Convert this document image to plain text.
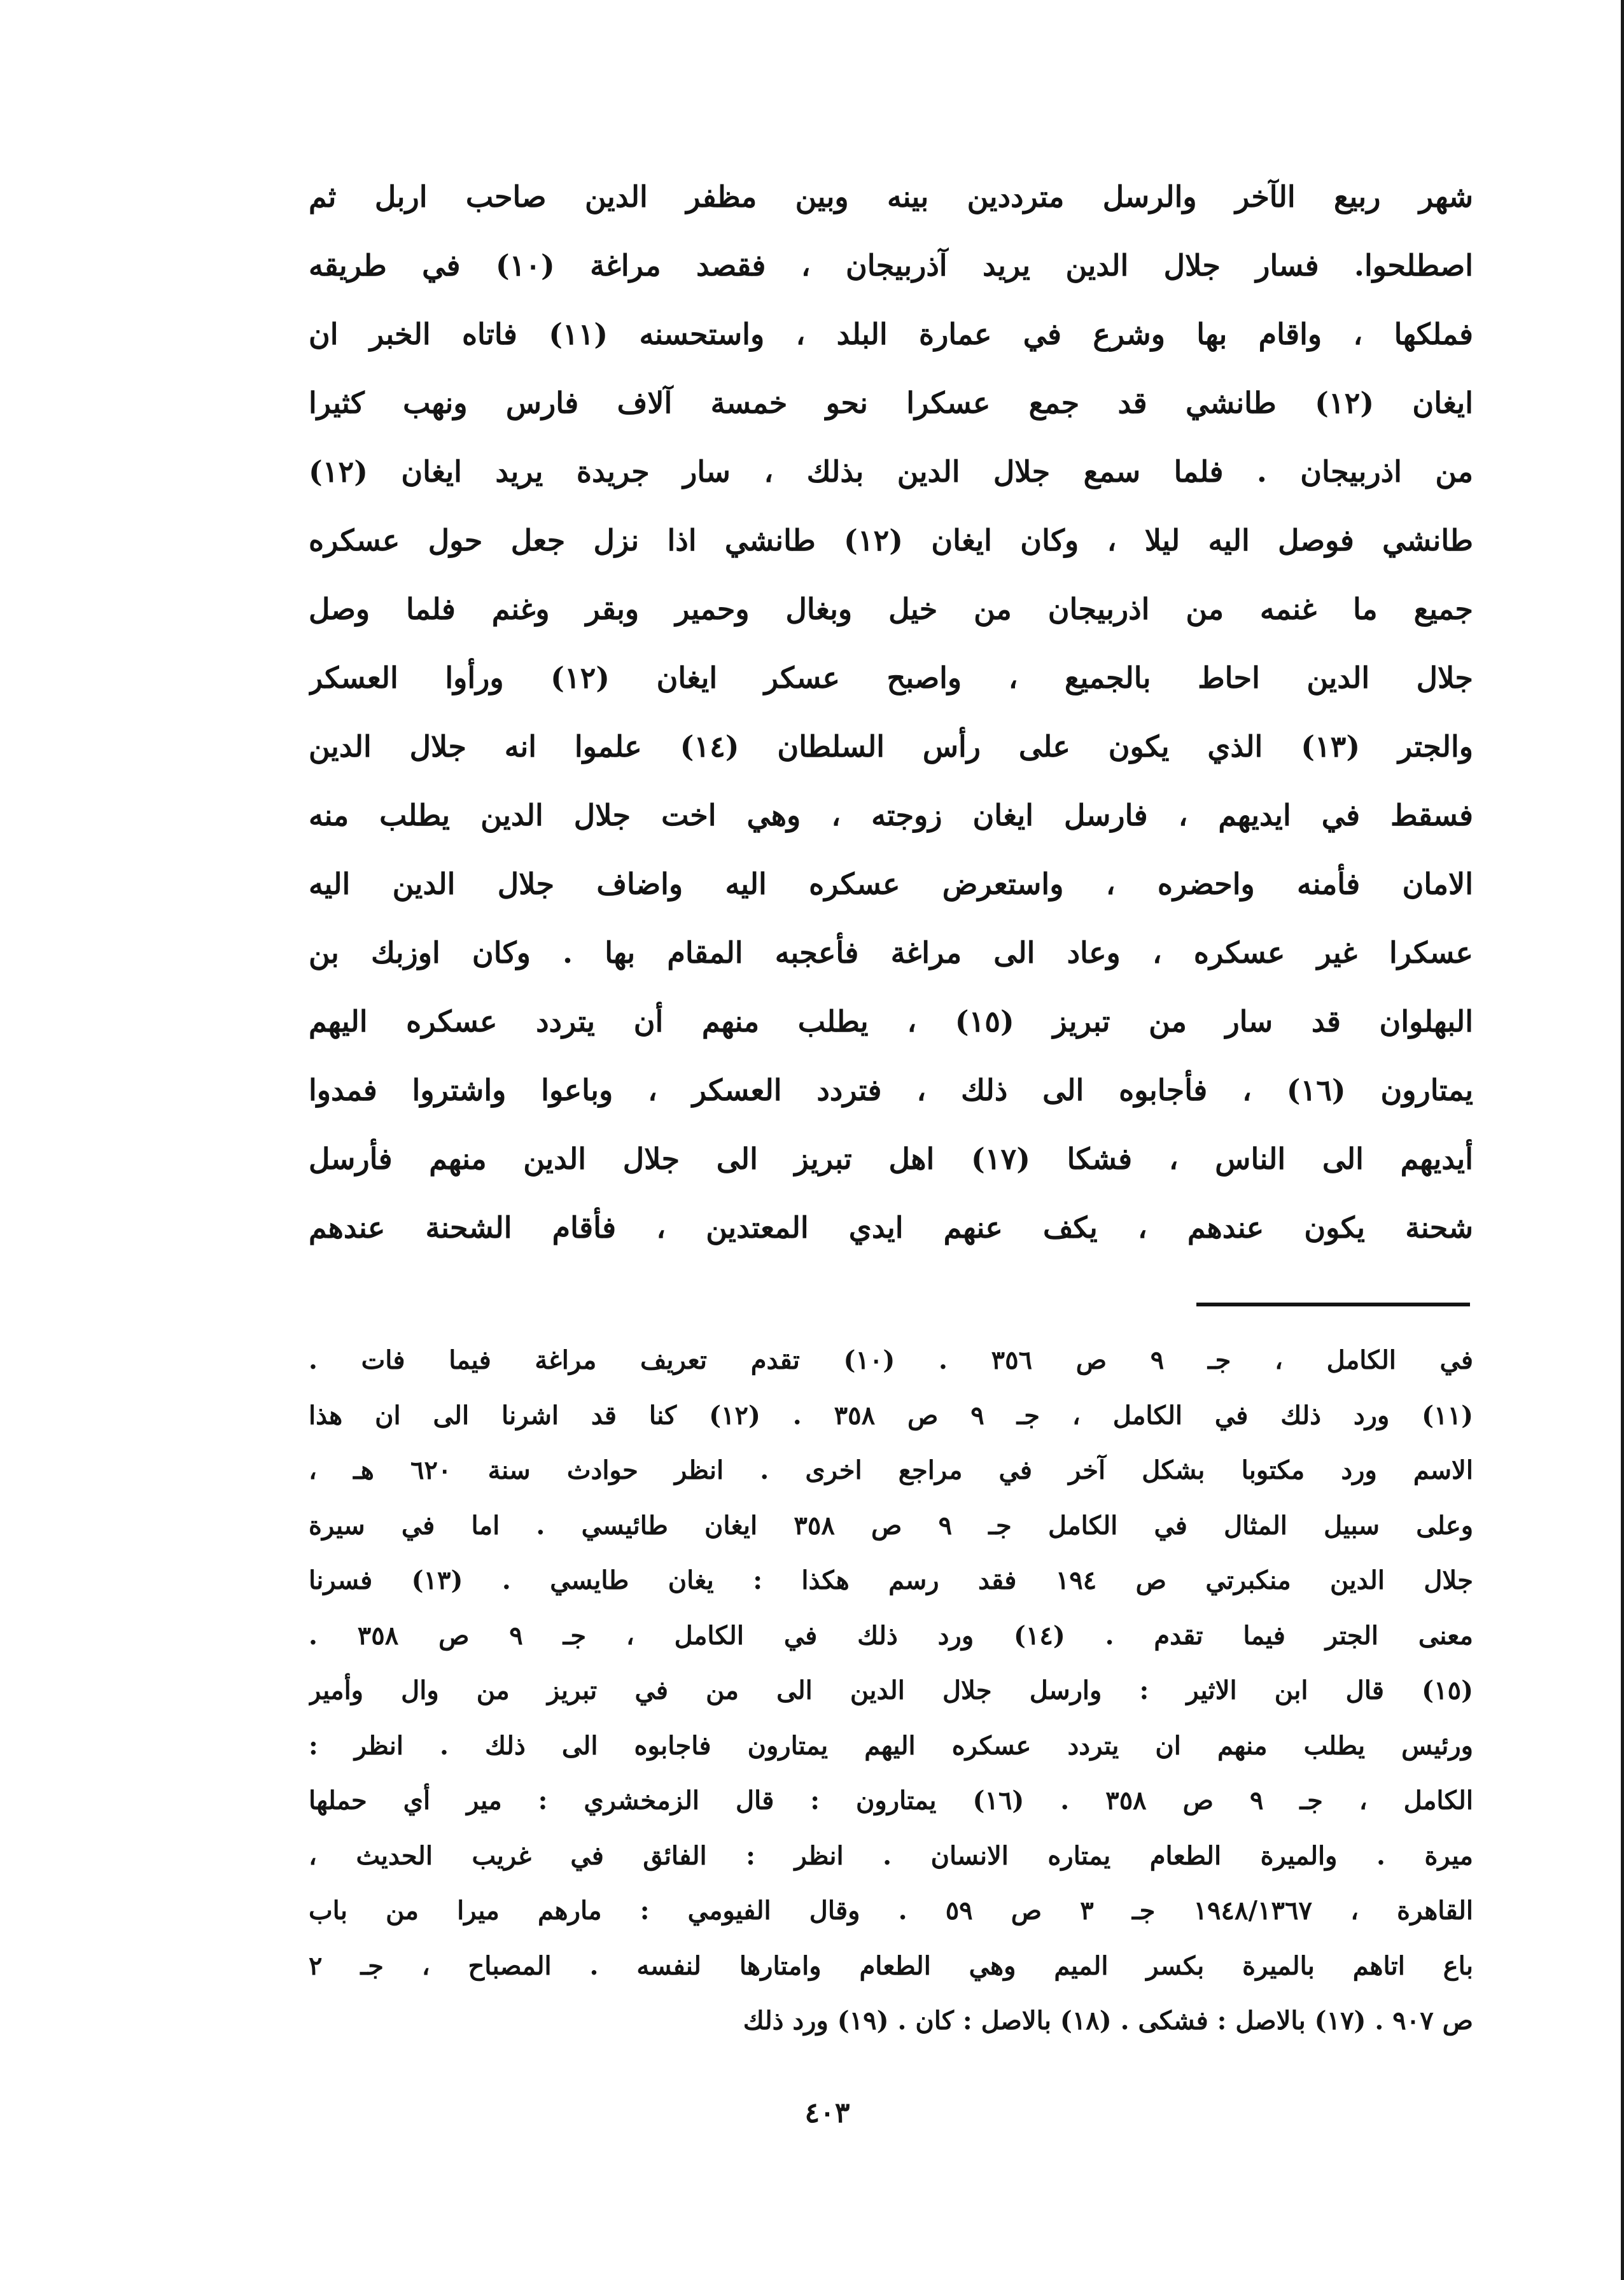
شهر ربيع الآخر والرسل مترددين بينه وبين مظفر الدين صاحب اربل ثم
اصطلحوا. فسار جلال الدين يريد آذربيجان ، فقصد مراغة (١٠) في طريقه
فملكها ، واقام بها وشرع في عمارة البلد ، واستحسنه (١١) فاتاه الخبر ان
ايغان (١٢) طانشي قد جمع عسكرا نحو خمسة آلاف فارس ونهب كثيرا
من اذربيجان . فلما سمع جلال الدين بذلك ، سار جريدة يريد ايغان (١٢)
طانشي فوصل اليه ليلا ، وكان ايغان (١٢) طانشي اذا نزل جعل حول عسكره
جميع ما غنمه من اذربيجان من خيل وبغال وحمير وبقر وغنم فلما وصل
جلال الدين احاط بالجميع ، واصبح عسكر ايغان (١٢) ورأوا العسكر
والجتر (١٣) الذي يكون على رأس السلطان (١٤) علموا انه جلال الدين
فسقط في ايديهم ، فارسل ايغان زوجته ، وهي اخت جلال الدين يطلب منه
الامان فأمنه واحضره ، واستعرض عسكره اليه واضاف جلال الدين اليه
عسكرا غير عسكره ، وعاد الى مراغة فأعجبه المقام بها . وكان اوزبك بن
البهلوان قد سار من تبريز (١٥) ، يطلب منهم أن يتردد عسكره اليهم
يمتارون (١٦) ، فأجابوه الى ذلك ، فتردد العسكر ، وباعوا واشتروا فمدوا
أيديهم الى الناس ، فشكا (١٧) اهل تبريز الى جلال الدين منهم فأرسل
شحنة يكون عندهم ، يكف عنهم ايدي المعتدين ، فأقام الشحنة عندهم
في الكامل ، جـ ٩ ص ٣٥٦ . (١٠) تقدم تعريف مراغة فيما فات .
(١١) ورد ذلك في الكامل ، جـ ٩ ص ٣٥٨ . (١٢) كنا قد اشرنا الى ان هذا
الاسم ورد مكتوبا بشكل آخر في مراجع اخرى . انظر حوادث سنة ٦٢٠ هـ ،
وعلى سبيل المثال في الكامل جـ ٩ ص ٣٥٨ ايغان طائيسي . اما في سيرة
جلال الدين منكبرتي ص ١٩٤ فقد رسم هكذا : يغان طايسي . (١٣) فسرنا
معنى الجتر فيما تقدم . (١٤) ورد ذلك في الكامل ، جـ ٩ ص ٣٥٨ .
(١٥) قال ابن الاثير : وارسل جلال الدين الى من في تبريز من وال وأمير
ورئيس يطلب منهم ان يتردد عسكره اليهم يمتارون فاجابوه الى ذلك . انظر :
الكامل ، جـ ٩ ص ٣٥٨ . (١٦) يمتارون : قال الزمخشري : مير أي حملها
ميرة . والميرة الطعام يمتاره الانسان . انظر : الفائق في غريب الحديث ،
القاهرة ، ١٩٤٨/١٣٦٧ جـ ٣ ص ٥٩ . وقال الفيومي : مارهم ميرا من باب
باع اتاهم بالميرة بكسر الميم وهي الطعام وامتارها لنفسه . المصباح ، جـ ٢
ص ٩٠٧ . (١٧) بالاصل : فشكى . (١٨) بالاصل : كان . (١٩) ورد ذلك
٤٠٣
